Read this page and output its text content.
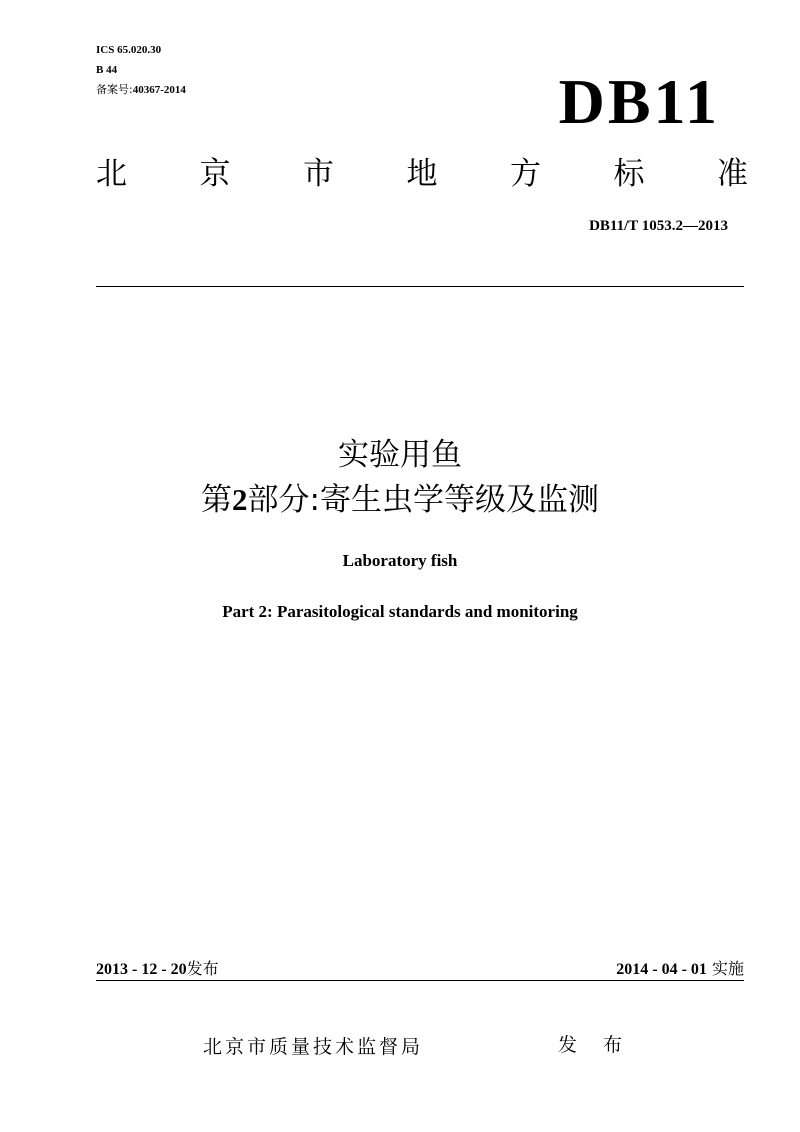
ICS 65.020.30
B 44
备案号:40367-2014	DB11
北 京 市 地 方 标 准
DB11/T 1053.2—2013
实验用鱼
第2部分:寄生虫学等级及监测
Laboratory fish
Part 2: Parasitological standards and monitoring
2013 - 12 - 20发布	2014 - 04 - 01 实施
北京市质量技术监督局	发 布
